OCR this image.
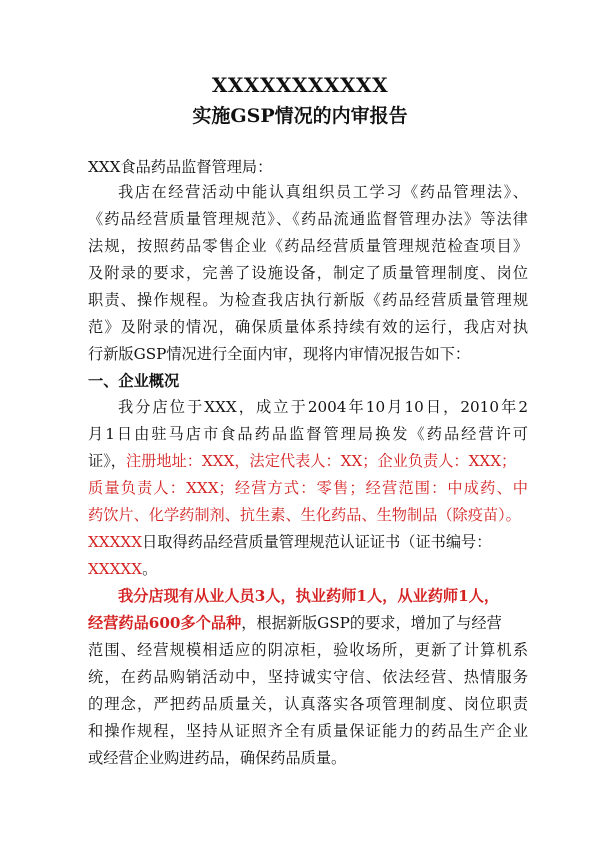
XXXXXXXXXXX
实施GSP情况的内审报告
XXX食品药品监督管理局：
我店在经营活动中能认真组织员工学习《药品管理法》、
《药品经营质量管理规范》、《药品流通监督管理办法》等法律
法规，按照药品零售企业《药品经营质量管理规范检查项目》
及附录的要求，完善了设施设备，制定了质量管理制度、岗位
职责、操作规程。为检查我店执行新版《药品经营质量管理规
范》及附录的情况，确保质量体系持续有效的运行，我店对执
行新版GSP情况进行全面内审，现将内审情况报告如下：
一、企业概况
我分店位于XXX，成立于2004年10月10日，2010年2
月1日由驻马店市食品药品监督管理局换发《药品经营许可
证》，注册地址：XXX，法定代表人：XX；企业负责人：XXX；
质量负责人：XXX；经营方式：零售；经营范围：中成药、中
药饮片、化学药制剂、抗生素、生化药品、生物制品（除疫苗）。
XXXXX日取得药品经营质量管理规范认证证书（证书编号：
XXXXX。
我分店现有从业人员3人，执业药师1人，从业药师1人，
经营药品600多个品种，根据新版GSP的要求，增加了与经营
范围、经营规模相适应的阴凉柜，验收场所，更新了计算机系
统，在药品购销活动中，坚持诚实守信、依法经营、热情服务
的理念，严把药品质量关，认真落实各项管理制度、岗位职责
和操作规程，坚持从证照齐全有质量保证能力的药品生产企业
或经营企业购进药品，确保药品质量。
